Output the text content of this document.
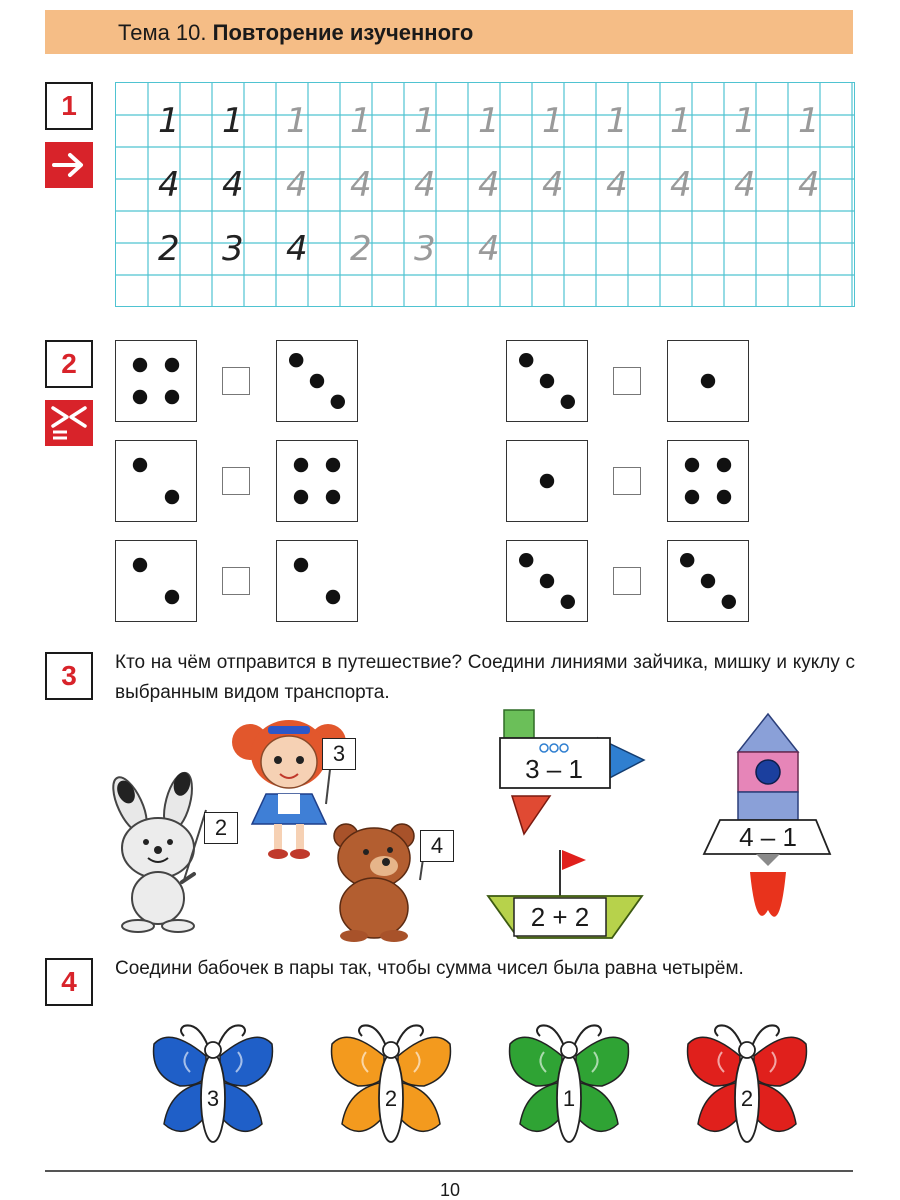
Тема 10. Повторение изученного
1	1 1 1 1 1 1 1 1 1 1 1
4 4 4 4 4 4 4 4 4 4 4
2 3 4 2 3 4
2
3	Кто на чём отправится в путешествие? Соедини линиями зайчика, мишку и куклу с выбранным видом транспорта.
2
3
4
3 – 1
2 + 2
4 – 1
4	Соедини бабочек в пары так, чтобы сумма чисел была равна четырём.
3	2	1	2
10
